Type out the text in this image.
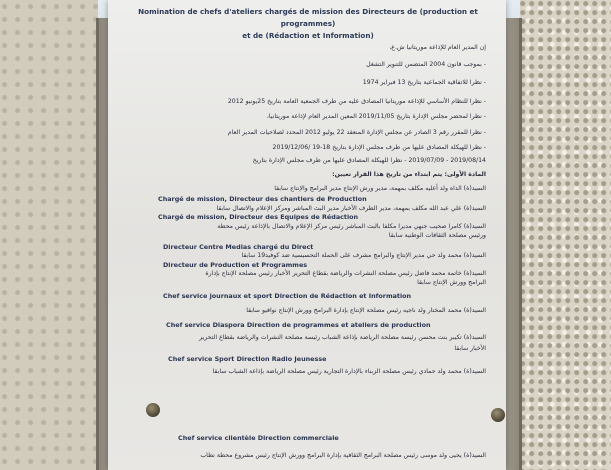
Nomination de chefs d'ateliers chargés de mission des Directeurs de (production et programmes)
et de (Rédaction et Information)
إن المدير العام للإذاعة موريتانيا ش.ع،
- بموجب قانون 2004 المتضمن للتنوير التشغل
- نظرا للاتفاقية الجماعية بتاريخ 13 فبراير 1974
- نظرا للنظام الأساسي للإذاعة موريتانيا المصادق عليه من طرف الجمعية العامة بتاريخ 25يونيو 2012
- نظرا لمحضر مجلس الإدارة بتاريخ 2019/11/05 المعين المدير العام لإذاعة موريتانيا،
- نظرا للمقرر رقم 3 الصادر عن مجلس الإدارة المنعقد 22 يوليو 2012 المحدد لصلاحيات المدير العام
- نظرا للهيكلة المصادق عليها من طرف مجلس الإدارة بتاريخ 18-19 /2019/12/06
2019/08/14 - 2019/07/09 - نظرا للهيكلة المصادق عليها من طرف مجلس الإدارة بتاريخ
المادة الأولى: يتم ابتداء من تاريخ هذا القرار تعيين:
السيد(ة) الداه ولد أعليه مكلف بمهمة، مدير ورش الإنتاج مدير البرامج والإنتاج سابقا
Chargé de mission, Directeur des chantiers de Production
السيد(ة) علي عبد الله مكلف بمهمة، مدير الطرف الأخبار مدير البث المباشر ومركز الإعلام والاتصال سابقا
Chargé de mission, Directeur des Equipes de Rédaction
السيد(ة) كامرا صحيب جنهي مديرا مكلفا بالبث المباشر رئيس مركز الإعلام والاتصال بالإذاعة رئيس محطة
ورئيس مصلحة الثقافات الوطنية سابقا
Directeur Centre Medias chargé du Direct
السيد(ة) محمد ولد حي مدير الإنتاج والبرامج مشرف على الحملة التحسيسية ضد كوفيد19 سابقا
Directeur de Production et Programmes
السيد(ة) خاتمة محمد فاضل رئيس مصلحة النشرات والرياضة بقطاع التحرير الأخبار رئيس مصلحة الإنتاج بإدارة
البرامج وورش الإنتاج سابقا
Chef service journaux et sport Direction de Rédaction et Information
السيد(ة) محمد المختار ولد ناجيه رئيس مصلحة الإنتاج بإدارة البرامج وورش الإنتاج نوافيو سابقا
Chef service Diaspora Direction de programmes et ateliers de production
السيد(ة) تكيبر بنت محسن رئيسة مصلحة الرياضة بإذاعة الشباب رئيسة مصلحة النشرات والرياضة بقطاع التحرير
الأخبار سابقا
Chef service Sport Direction Radio Jeunesse
السيد(ة) محمد ولد حمادي رئيس مصلحة الزبناء بالإدارة التجارية رئيس مصلحة الرياضة بإذاعة الشباب سابقا
Chef service clientèle Direction commerciale
السيد(ة) يحيى ولد موسى رئيس مصلحة البرامج الثقافية بإدارة البرامج وورش الإنتاج رئيس مشروع محطة نطاب
